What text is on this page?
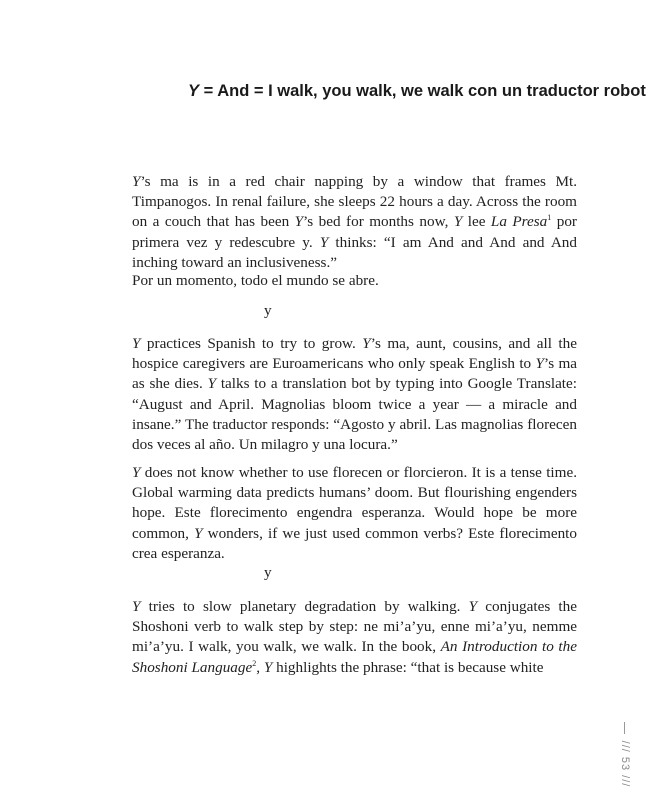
Y = And = I walk, you walk, we walk con un traductor robot

Y’s ma is in a red chair napping by a window that frames Mt. Timpanogos. In renal failure, she sleeps 22 hours a day. Across the room on a couch that has been Y’s bed for months now, Y lee La Presa$^1$ por primera vez y redescubre y. Y thinks: “I am And and And and And inching toward an inclusiveness.”

Por un momento, todo el mundo se abre.

y

Y practices Spanish to try to grow. Y’s ma, aunt, cousins, and all the hospice caregivers are Euroamericans who only speak English to Y’s ma as she dies. Y talks to a translation bot by typing into Google Translate: “August and April. Magnolias bloom twice a year — a miracle and insane.” The traductor responds: “Agosto y abril. Las magnolias florecen dos veces al año. Un milagro y una locura.”

Y does not know whether to use florecen or florcieron. It is a tense time. Global warming data predicts humans’ doom. But flourishing engenders hope. Este florecimento engendra esperanza. Would hope be more common, Y wonders, if we just used common verbs? Este florecimento crea esperanza.

y

Y tries to slow planetary degradation by walking. Y conjugates the Shoshoni verb to walk step by step: ne mi’a’yu, enne mi’a’yu, nemme mi’a’yu. I walk, you walk, we walk. In the book, An Introduction to the Shoshoni Language$^2$, Y highlights the phrase: “that is because white

/// 53 ///
